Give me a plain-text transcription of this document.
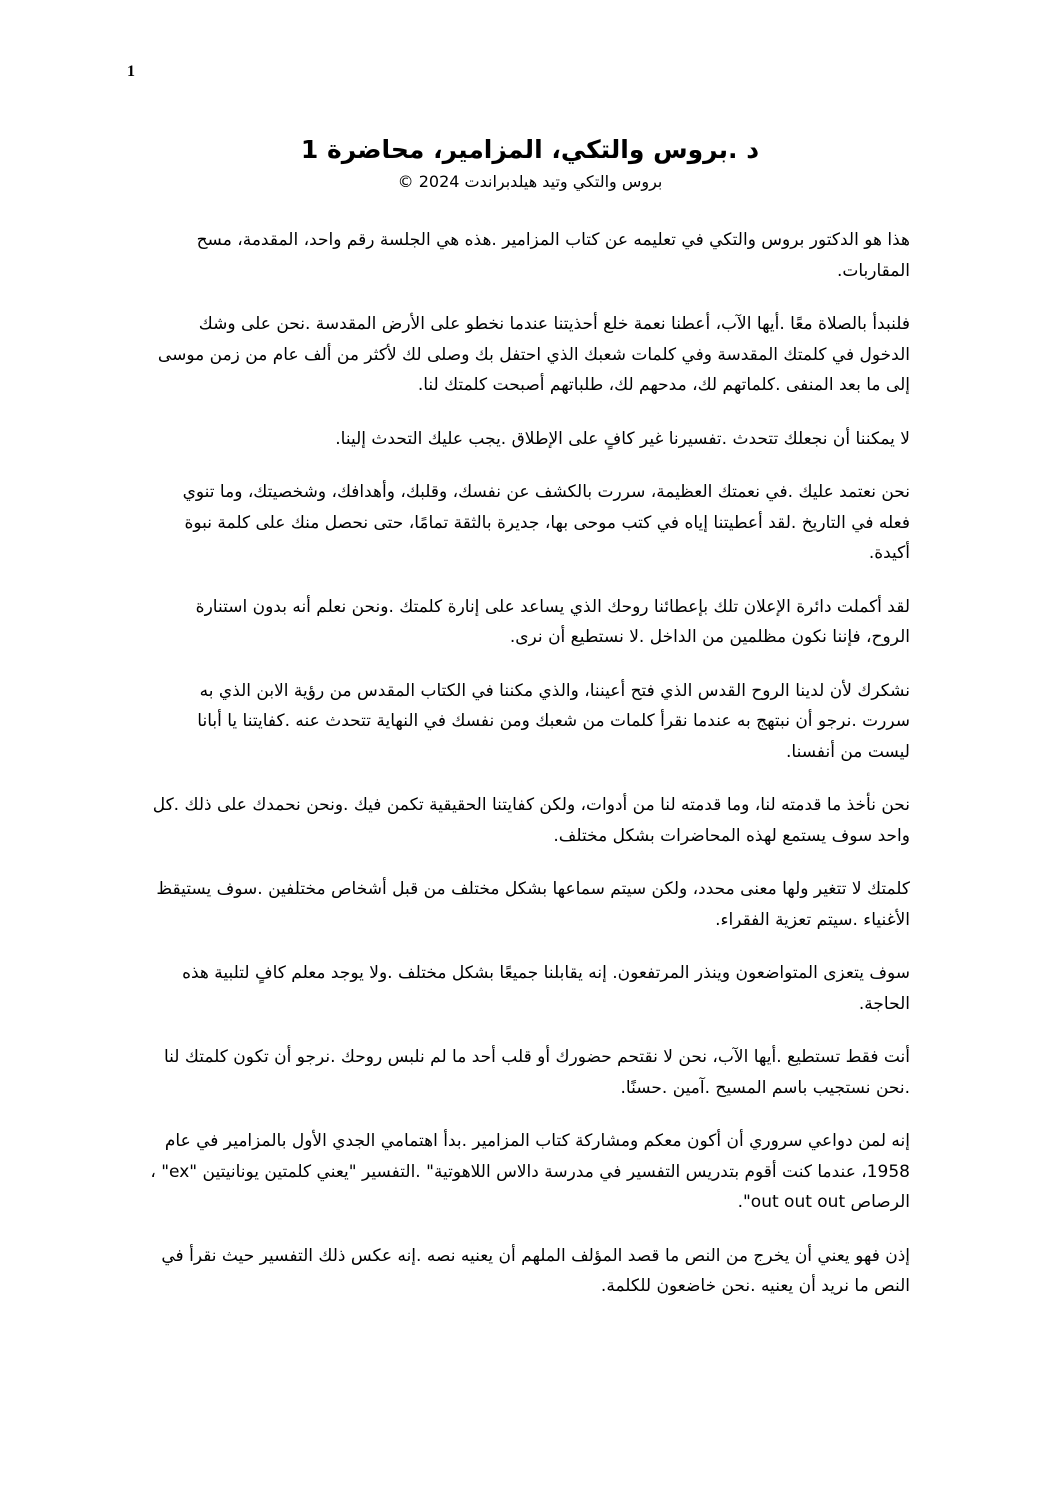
1
د .بروس والتكي، المزامير، محاضرة 1

بروس والتكي وتيد هيلدبراندت 2024 ©

هذا هو الدكتور بروس والتكي في تعليمه عن كتاب المزامير .هذه هي الجلسة رقم واحد، المقدمة، مسح المقاربات.

فلنبدأ بالصلاة معًا .أيها الآب، أعطنا نعمة خلع أحذيتنا عندما نخطو على الأرض المقدسة .نحن على وشك الدخول في كلمتك المقدسة وفي كلمات شعبك الذي احتفل بك وصلى لك لأكثر من ألف عام من زمن موسى إلى ما بعد المنفى .كلماتهم لك، مدحهم لك، طلباتهم أصبحت كلمتك لنا.

لا يمكننا أن نجعلك تتحدث .تفسيرنا غير كافٍ على الإطلاق .يجب عليك التحدث إلينا.

نحن نعتمد عليك .في نعمتك العظيمة، سررت بالكشف عن نفسك، وقلبك، وأهدافك، وشخصيتك، وما تنوي فعله في التاريخ .لقد أعطيتنا إياه في كتب موحى بها، جديرة بالثقة تمامًا، حتى نحصل منك على كلمة نبوة أكيدة.

لقد أكملت دائرة الإعلان تلك بإعطائنا روحك الذي يساعد على إنارة كلمتك .ونحن نعلم أنه بدون استنارة الروح، فإننا نكون مظلمين من الداخل .لا نستطيع أن نرى.

نشكرك لأن لدينا الروح القدس الذي فتح أعيننا، والذي مكننا في الكتاب المقدس من رؤية الابن الذي به سررت .نرجو أن نبتهج به عندما نقرأ كلمات من شعبك ومن نفسك في النهاية تتحدث عنه .كفايتنا يا أبانا ليست من أنفسنا.

نحن نأخذ ما قدمته لنا، وما قدمته لنا من أدوات، ولكن كفايتنا الحقيقية تكمن فيك .ونحن نحمدك على ذلك .كل واحد سوف يستمع لهذه المحاضرات بشكل مختلف.

كلمتك لا تتغير ولها معنى محدد، ولكن سيتم سماعها بشكل مختلف من قبل أشخاص مختلفين .سوف يستيقظ الأغنياء .سيتم تعزية الفقراء.

سوف يتعزى المتواضعون وينذر المرتفعون. إنه يقابلنا جميعًا بشكل مختلف .ولا يوجد معلم كافٍ لتلبية هذه الحاجة.

أنت فقط تستطيع .أيها الآب، نحن لا نقتحم حضورك أو قلب أحد ما لم نلبس روحك .نرجو أن تكون كلمتك لنا .نحن نستجيب باسم المسيح .آمين .حسنًا.

إنه لمن دواعي سروري أن أكون معكم ومشاركة كتاب المزامير .بدأ اهتمامي الجدي الأول بالمزامير في عام 1958، عندما كنت أقوم بتدريس التفسير في مدرسة دالاس اللاهوتية" .التفسير "يعني كلمتين يونانيتين "ex" ، الرصاص out out out".

إذن فهو يعني أن يخرج من النص ما قصد المؤلف الملهم أن يعنيه نصه .إنه عكس ذلك التفسير حيث نقرأ في النص ما نريد أن يعنيه .نحن خاضعون للكلمة.
